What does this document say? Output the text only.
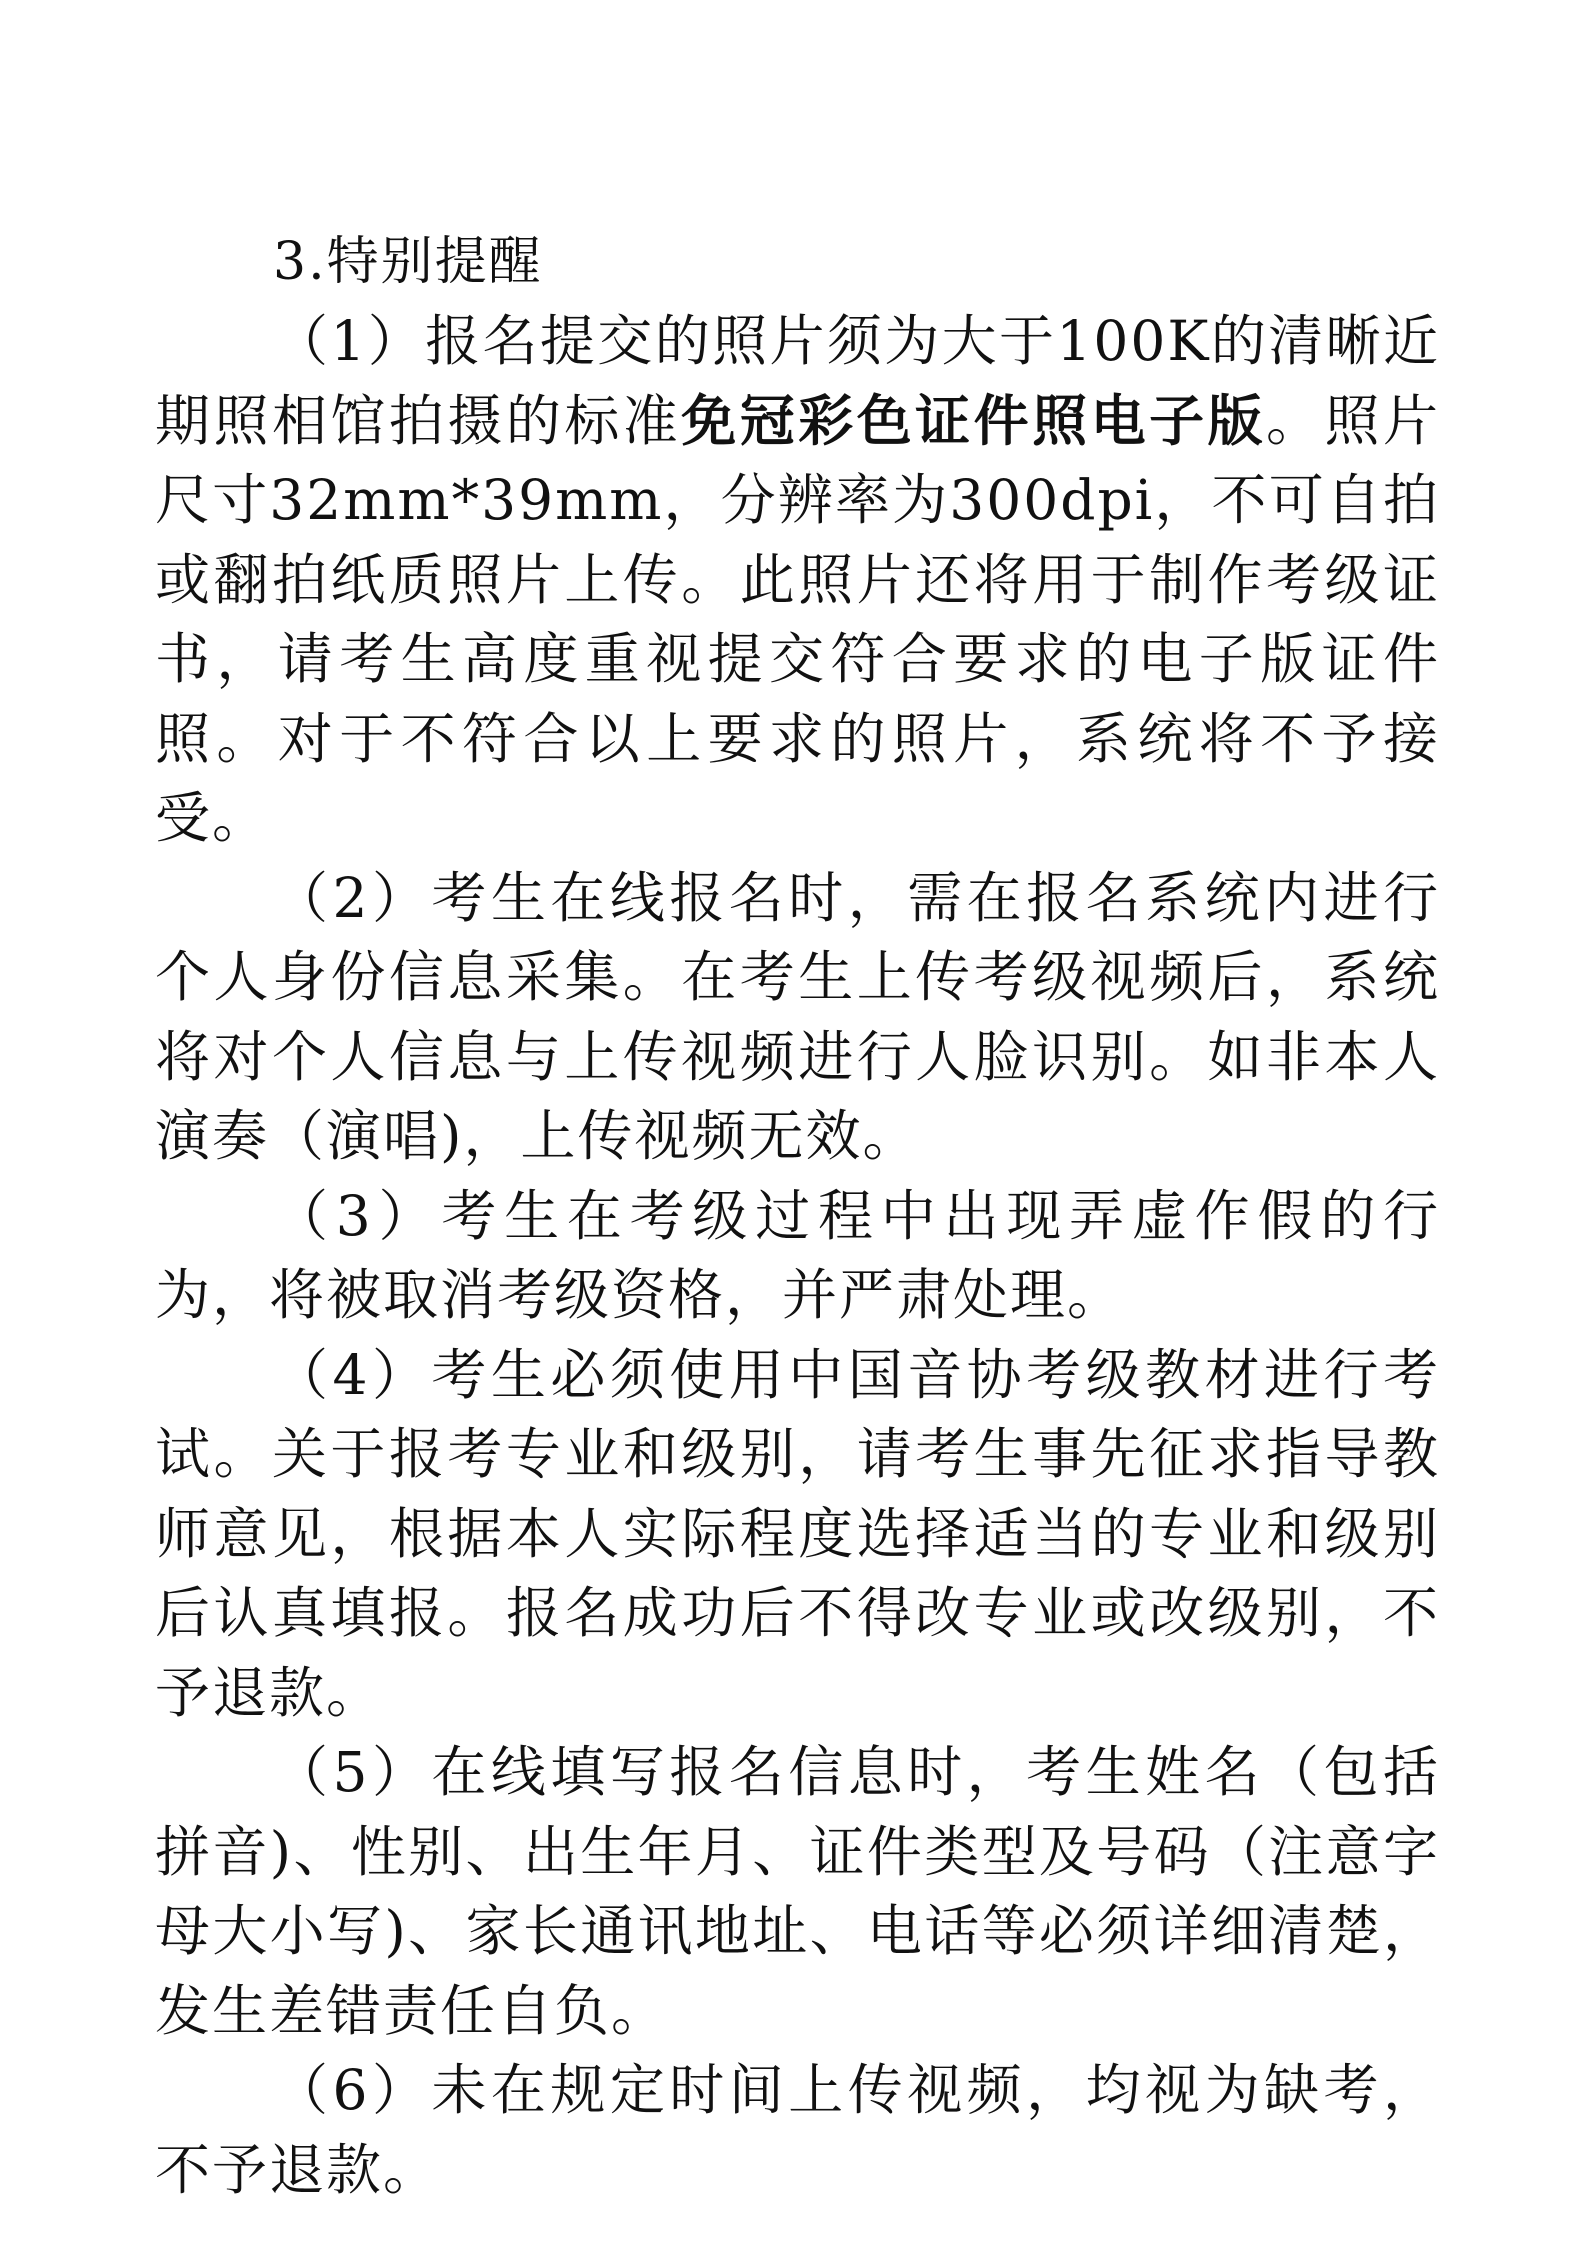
3.特别提醒

（1）报名提交的照片须为大于100K的清晰近期照相馆拍摄的标准免冠彩色证件照电子版。照片尺寸32mm*39mm，分辨率为300dpi，不可自拍或翻拍纸质照片上传。此照片还将用于制作考级证书，请考生高度重视提交符合要求的电子版证件照。对于不符合以上要求的照片，系统将不予接受。

（2）考生在线报名时，需在报名系统内进行个人身份信息采集。在考生上传考级视频后，系统将对个人信息与上传视频进行人脸识别。如非本人演奏（演唱)，上传视频无效。

（3）考生在考级过程中出现弄虚作假的行为，将被取消考级资格，并严肃处理。

（4）考生必须使用中国音协考级教材进行考试。关于报考专业和级别，请考生事先征求指导教师意见，根据本人实际程度选择适当的专业和级别后认真填报。报名成功后不得改专业或改级别，不予退款。

（5）在线填写报名信息时，考生姓名（包括拼音)、性别、出生年月、证件类型及号码（注意字母大小写)、家长通讯地址、电话等必须详细清楚，发生差错责任自负。

（6）未在规定时间上传视频，均视为缺考，不予退款。
